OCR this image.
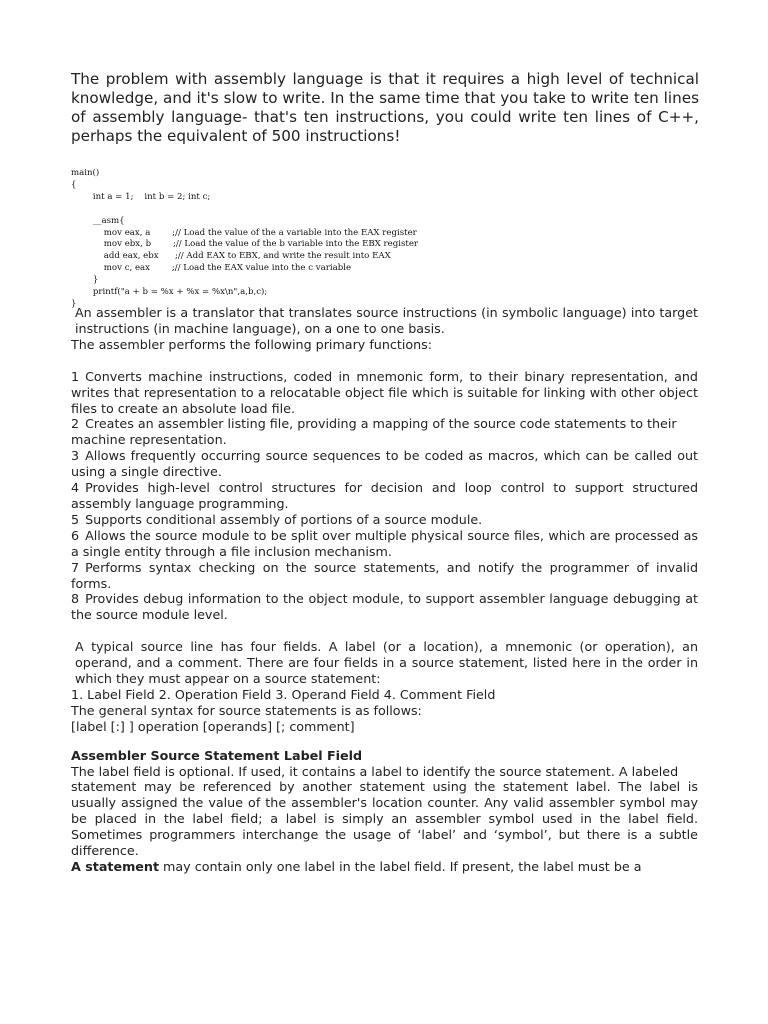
The problem with assembly language is that it requires a high level of technical knowledge, and it's slow to write. In the same time that you take to write ten lines of assembly language- that's ten instructions, you could write ten lines of C++, perhaps the equivalent of 500 instructions!

main()
{
int a = 1;    int b = 2; int c;

__asm{
mov eax, a        ;// Load the value of the a variable into the EAX register
mov ebx, b        ;// Load the value of the b variable into the EBX register
add eax, ebx      ;// Add EAX to EBX, and write the result into EAX
mov c, eax        ;// Load the EAX value into the c variable
}
printf("a + b = %x + %x = %x\n",a,b,c);
}

An assembler is a translator that translates source instructions (in symbolic language) into target instructions (in machine language), on a one to one basis.

The assembler performs the following primary functions:

1 Converts machine instructions, coded in mnemonic form, to their binary representation, and writes that representation to a relocatable object file which is suitable for linking with other object files to create an absolute load file.

2 Creates an assembler listing file, providing a mapping of the source code statements to their

machine representation.

3 Allows frequently occurring source sequences to be coded as macros, which can be called out using a single directive.

4 Provides high-level control structures for decision and loop control to support structured assembly language programming.

5 Supports conditional assembly of portions of a source module.

6 Allows the source module to be split over multiple physical source files, which are processed as a single entity through a file inclusion mechanism.

7 Performs syntax checking on the source statements, and notify the programmer of invalid forms.

8 Provides debug information to the object module, to support assembler language debugging at the source module level.

A typical source line has four fields. A label (or a location), a mnemonic (or operation), an operand, and a comment. There are four fields in a source statement, listed here in the order in which they must appear on a source statement:

1. Label Field 2. Operation Field 3. Operand Field 4. Comment Field

The general syntax for source statements is as follows:

[label [:] ] operation [operands] [; comment]

Assembler Source Statement Label Field

The label field is optional. If used, it contains a label to identify the source statement. A labeled

statement may be referenced by another statement using the statement label. The label is usually assigned the value of the assembler's location counter. Any valid assembler symbol may be placed in the label field; a label is simply an assembler symbol used in the label field. Sometimes programmers interchange the usage of ‘label’ and ‘symbol’, but there is a subtle difference.

A statement may contain only one label in the label field. If present, the label must be a
